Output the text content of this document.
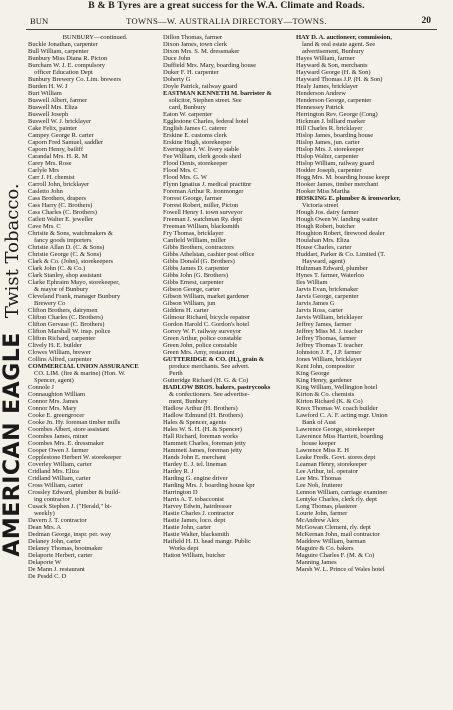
B & B Tyres are a great success for the W.A. Climate and Roads.
BUN	TOWNS—W. AUSTRALIA DIRECTORY—TOWNS.	20
AMERICAN EAGLE
Twist Tobacco.
BUNBURY—continued.
Buckle Jonathan, carpenter
Bull William, carpenter
Bunbury Miss Diana R. Picton
Burcham W. J. E. compulsory
officer Education Dept
Bunbury Brewery Co. Lim. brewers
Burden H. W. J
Burt William
Buswell Albert, farmer
Buswell Mrs. Eliza
Buswell Joseph
Buswell W. J. bricklayer
Cake Felix, painter
Campey George R. carter
Caporn Fred Samuel, saddler
Caporn Henry, bailiff
Carandal Mrs. H. R. M
Carey Mrs. Rose
Carlyle Mrs
Carr J. H. chemist
Carroll John, bricklayer
Casletto John
Cass Brothers, drapers
Cass Harry (C. Brothers)
Cass Charles (C. Brothers)
Catlett Walter E. jeweller
Cave Mrs. C
Chrisite & Sons, watchmakers &
fancy goods importers
Christie Allan D. (C. & Sons)
Christie George (C. & Sons)
Clark & Co. (John), storekeepers
Clark John (C. & Co.)
Clark Stanley, shop assistant
Clarke Ephraim Mayo, storekeeper,
& mayor of Bunbury
Cleveland Frank, manager Bunbury
Brewery Co
Clifton Brothers, dairymen
Clifton Charles (C. Brothers)
Clifton Gervase (C. Brothers)
Clifton Marshall W. insp. police
Clifton Richard, carpenter
Clively H. E. builder
Clowes William, brewer
Collins Alfred, carpenter
COMMERCIAL UNION ASSURANCE
CO. LIM. (fire & marine) (Hon. W.
Spencer, agent)
Connole J
Connaughton William
Connor Mrs. James
Connor Mrs. Mary
Cooke E. greengrocer
Cooke Jn. Hy. foreman timber mills
Coombes Albert, store assistant
Coombes James, miner
Coombes Mrs. E. dressmaker
Cooper Owen J. farmer
Copplestone Herbert W. storekeeper
Coverley William, carter
Cridland Mrs. Eliza
Cridland William, carter
Cross William, carter
Crossley Edward, plumber & build-
ing contractor
Cusack Stephen J. ("Herald," bi-
weekly)
Davern J. T. contractor
Dean Mrs. A
Dedman George, inspr. per. way
Delaney John, carter
Delaney Thomas, bootmaker
Delaporte Herbert, carter
Delaporte W
De Mann J. restaurant
De Pesdd C. D
Dillon Thomas, farmer
Dixon James, town clerk
Dixon Mrs. S. M. dressmaker
Duce John
Duffield Mrs. Mary, boarding house
Duker F. H. carpenter
Doherty G
Doyle Patrick, railway guard
EASTMAN KENNETH M. barrister &
solicitor, Stephen street. See
card, Bunbury
Eaton W. carpenter
Egglestone Charles, federal hotel
English James C. caterer
Erskine E. customs clerk
Erskine Hugh, storekeeper
Everington J. W. livery stable
Fee William, clerk goods shed
Flood Denis, storekeeper
Flood Mrs. C
Flood Mrs. G. W
Flynn Ignatius J. medical practitnr
Foreman Arthur R. ironmonger
Forrest George, farmer
Forrest Robert, miller, Picton
Fowell Henry I. town surveyor
Freeman J. watchman Ry. dept
Freeman William, blacksmith
Fry Thomas, bricklayer
Canfield William, miller
Gibbs Brothers, contractors
Gibbs Athelstan, cashier post office
Gibbs Donald (G. Brothers)
Gibbs James D. carpenter
Gibbs John (G. Brothers)
Gibbs Ernest, carpenter
Gibson George, carter
Gibson William, market gardener
Gibson William, jun
Giddens H. carter
Gilmour Richard, bicycle repairer
Gordon Harold C. Gordon's hotel
Gorrey W. F. railway surveyor
Green Arthur, police constable
Green John, police constable
Green Mrs. Amy, restaurant
GUTTERIDGE & CO. (H.), grain &
produce merchants. See advert.
Perth
Gutteridge Richard (H. G. & Co)
HADLOW BROS. bakers, pastrycooks
& confectioners. See advertise-
ment, Bunbury
Hadlow Arthur (H. Brothers)
Hadlow Edmund (H. Brothers)
Hales & Spencer, agents
Hales W. S. H. (H. & Spencer)
Hall Richard, foreman works
Hammett Charles, foreman jetty
Hammett James, foreman jetty
Hands John E. merchant
Hardey E. J. tel. lineman
Hardey R. J
Harding G. engine driver
Harding Mrs. J. boarding house kpr
Harrington D
Harris A. T. tobacconist
Harvey Edwin, hairdresser
Hastie Charles J. contractor
Hastie James, loco. dept
Hastie John, carter
Hastie Walter, blacksmith
Hatfield H. D. head mangr. Public
Works dept
Hatton William, butcher
HAY D. A. auctioneer, commission,
land & real estate agent. See
advertisement, Bunbury
Hayes William, farmer
Hayward & Son, merchants
Hayward George (H. & Son)
Hayward Thomas J.P. (H. & Son)
Healy James, bricklayer
Henderson Andrew
Henderson George, carpenter
Hennessey Patrick
Herrington Rev. George (Cong)
Hickman J. billiard marker
Hill Charles R. bricklayer
Hislop James, boarding house
Hislop James, jun. carter
Hislop Mrs. J. storekeeper
Hislop Walter, carpenter
Hislop William, railway guard
Hodder Joseph, carpenter
Hogg Mrs. M. boarding house keepr
Hooker James, timber merchant
Hooker Miss Martha
HOSKING E. plumber & ironworker,
Victoria street
Hough Jos. dairy farmer
Hough Owen W. landing waiter
Hough Robert, butcher
Houghton Robert, firewood dealer
Houlahan Mrs. Eliza
House Charles, carter
Huddart, Parker & Co. Limited (T.
Hayward, agent)
Hultzman Edward, plumber
Hynes T. farmer, Waterloo
Iles William
Jarvis Evan, brickmaker
Jarvis George, carpenter
Jarvis James G
Jarvis Ross, carter
Jarvis William, bricklayer
Jeffrey James, farmer
Jeffrey Miss M. J. teacher
Jeffrey Thomas, farmer
Jeffrey Thomas T. teacher
Johnston J. F., J.P. farmer
Jones William, bricklayer
Kent John, compositor
King George
King Henry, gardener
King William, Wellington hotel
Kirton & Co. chemists
Kirton Richard (K. & Co)
Knox Thomas W. coach builder
Lawford C. A. F. acting mgr. Union
Bank of Aust
Lawrence George, storekeeper
Lawrence Miss Harriett, boarding
house keeper
Lawrence Miss E. H
Leake Fredk. Govt. stores dept
Leaman Henry, storekeeper
Lee Arthur, tel. operator
Lee Mrs. Thomas
Lee Noh, fruiterer
Lennon William, carriage examiner
Lentyke Charles, clerk rly. dept
Long Thomas, plasterer
Lourie John, farmer
McAndrew Alex
McGowan Clement, rly. dept
McKernan John, mail contractor
Maddrew William, barman
Maguire & Co. bakers
Maguire Charles F. (M. & Co)
Manning James
Marsh W. L. Prince of Wales hotel
